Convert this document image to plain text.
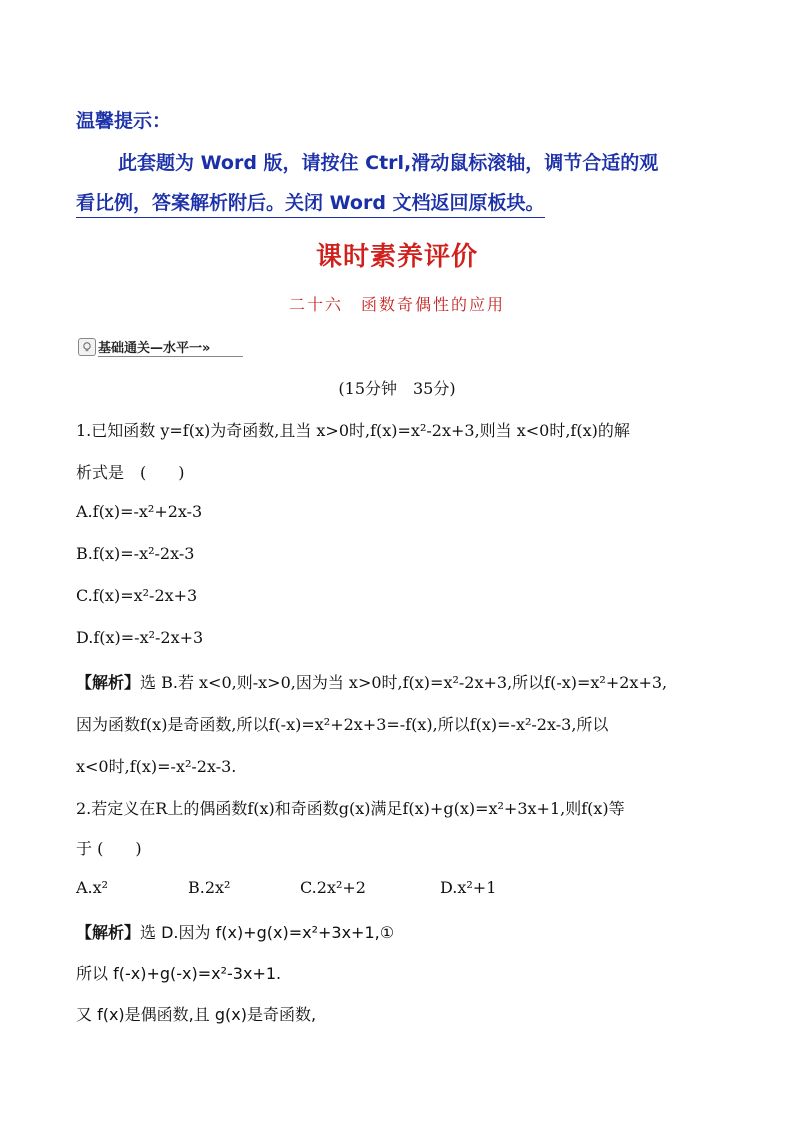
温馨提示：
此套题为 Word 版，请按住 Ctrl,滑动鼠标滚轴，调节合适的观
看比例，答案解析附后。关闭 Word 文档返回原板块。
课时素养评价
二十六　函数奇偶性的应用
基础通关—水平一»
(15分钟　35分)
1.已知函数 y=f(x)为奇函数,且当 x>0时,f(x)=x²-2x+3,则当 x<0时,f(x)的解
析式是　(　　)
A.f(x)=-x²+2x-3
B.f(x)=-x²-2x-3
C.f(x)=x²-2x+3
D.f(x)=-x²-2x+3
【解析】选 B.若 x<0,则-x>0,因为当 x>0时,f(x)=x²-2x+3,所以f(-x)=x²+2x+3,
因为函数f(x)是奇函数,所以f(-x)=x²+2x+3=-f(x),所以f(x)=-x²-2x-3,所以
x<0时,f(x)=-x²-2x-3.
2.若定义在R上的偶函数f(x)和奇函数g(x)满足f(x)+g(x)=x²+3x+1,则f(x)等
于 (　　)
A.x²	B.2x²	C.2x²+2	D.x²+1
【解析】选 D.因为 f(x)+g(x)=x²+3x+1,①
所以 f(-x)+g(-x)=x²-3x+1.
又 f(x)是偶函数,且 g(x)是奇函数,
